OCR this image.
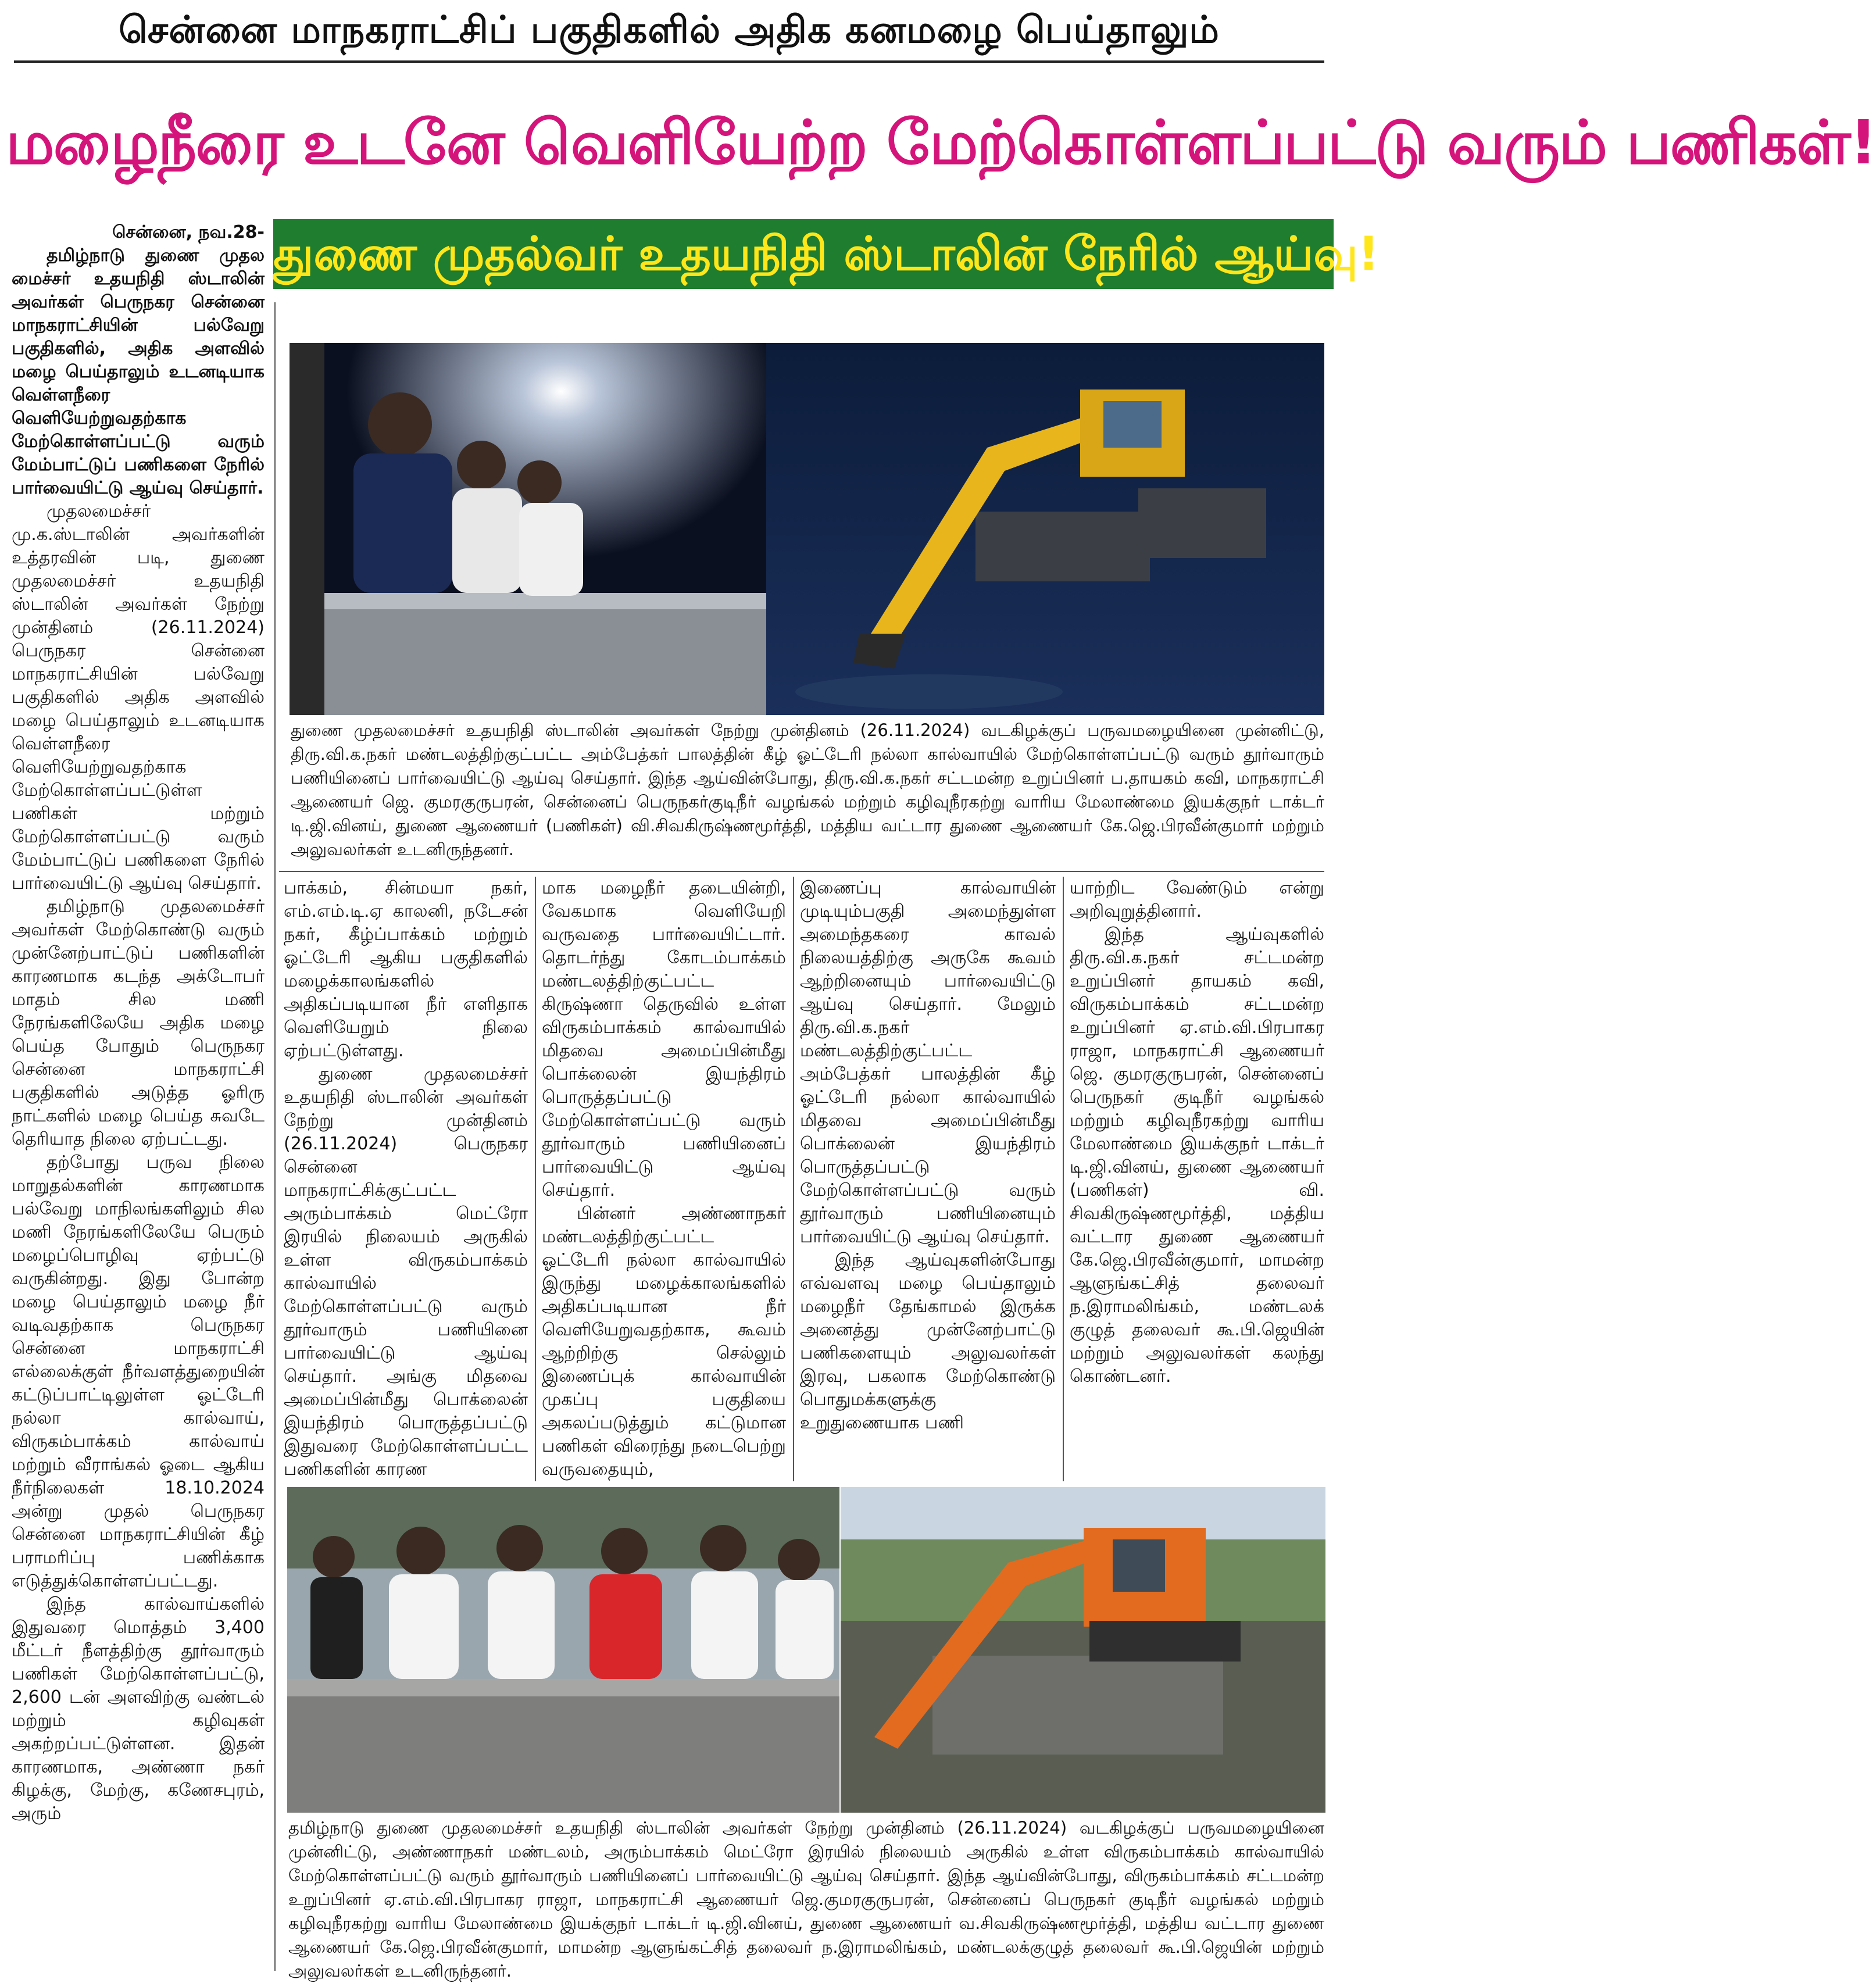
சென்னை மாநகராட்சிப் பகுதிகளில் அதிக கனமழை பெய்தாலும்
மழைநீரை உடனே வெளியேற்ற மேற்கொள்ளப்பட்டு வரும் பணிகள்!
துணை முதல்வர் உதயநிதி ஸ்டாலின் நேரில் ஆய்வு!

சென்னை, நவ.28-

தமிழ்நாடு துணை முதல மைச்சர் உதயநிதி ஸ்டாலின் அவர்கள் பெருநகர சென்னை மாநகராட்சியின் பல்வேறு பகுதிகளில், அதிக அளவில் மழை பெய்தாலும் உடனடியாக வெள்ளநீரை வெளியேற்றுவதற்காக மேற்கொள்ளப்பட்டு வரும் மேம்பாட்டுப் பணிகளை நேரில் பார்வையிட்டு ஆய்வு செய்தார்.

முதலமைச்சர் மு.க.ஸ்டாலின் அவர்களின் உத்தரவின் படி, துணை முதலமைச்சர் உதயநிதி ஸ்டாலின் அவர்கள் நேற்று முன்தினம் (26.11.2024) பெருநகர சென்னை மாநகராட்சியின் பல்வேறு பகுதிகளில் அதிக அளவில் மழை பெய்தாலும் உடனடியாக வெள்ளநீரை வெளியேற்றுவதற்காக மேற்கொள்ளப்பட்டுள்ள பணிகள் மற்றும் மேற்கொள்ளப்பட்டு வரும் மேம்பாட்டுப் பணிகளை நேரில் பார்வையிட்டு ஆய்வு செய்தார்.

தமிழ்நாடு முதலமைச்சர் அவர்கள் மேற்கொண்டு வரும் முன்னேற்பாட்டுப் பணிகளின் காரணமாக கடந்த அக்டோபர் மாதம் சில மணி நேரங்களிலேயே அதிக மழை பெய்த போதும் பெருநகர சென்னை மாநகராட்சி பகுதிகளில் அடுத்த ஓரிரு நாட்களில் மழை பெய்த சுவடே தெரியாத நிலை ஏற்பட்டது.

தற்போது பருவ நிலை மாறுதல்களின் காரணமாக பல்வேறு மாநிலங்களிலும் சில மணி நேரங்களிலேயே பெரும் மழைப்பொழிவு ஏற்பட்டு வருகின்றது. இது போன்ற மழை பெய்தாலும் மழை நீர் வடிவதற்காக பெருநகர சென்னை மாநகராட்சி எல்லைக்குள் நீர்வளத்துறையின் கட்டுப்பாட்டிலுள்ள ஓட்டேரி நல்லா கால்வாய், விருகம்பாக்கம் கால்வாய் மற்றும் வீராங்கல் ஓடை ஆகிய நீர்நிலைகள் 18.10.2024 அன்று முதல் பெருநகர சென்னை மாநகராட்சியின் கீழ் பராமரிப்பு பணிக்காக எடுத்துக்கொள்ளப்பட்டது.

இந்த கால்வாய்களில் இதுவரை மொத்தம் 3,400 மீட்டர் நீளத்திற்கு தூர்வாரும் பணிகள் மேற்கொள்ளப்பட்டு, 2,600 டன் அளவிற்கு வண்டல் மற்றும் கழிவுகள் அகற்றப்பட்டுள்ளன. இதன் காரணமாக, அண்ணா நகர் கிழக்கு, மேற்கு, கணேசபுரம், அரும்

துணை முதலமைச்சர் உதயநிதி ஸ்டாலின் அவர்கள் நேற்று முன்தினம் (26.11.2024) வடகிழக்குப் பருவமழையினை முன்னிட்டு, திரு.வி.க.நகர் மண்டலத்திற்குட்பட்ட அம்பேத்கர் பாலத்தின் கீழ் ஓட்டேரி நல்லா கால்வாயில் மேற்கொள்ளப்பட்டு வரும் தூர்வாரும் பணியினைப் பார்வையிட்டு ஆய்வு செய்தார். இந்த ஆய்வின்போது, திரு.வி.க.நகர் சட்டமன்ற உறுப்பினர் ப.தாயகம் கவி, மாநகராட்சி ஆணையர் ஜெ. குமரகுருபரன், சென்னைப் பெருநகர்குடிநீர் வழங்கல் மற்றும் கழிவுநீரகற்று வாரிய மேலாண்மை இயக்குநர் டாக்டர் டி.ஜி.வினய், துணை ஆணையர் (பணிகள்) வி.சிவகிருஷ்ணமூர்த்தி, மத்திய வட்டார துணை ஆணையர் கே.ஜெ.பிரவீன்குமார் மற்றும் அலுவலர்கள் உடனிருந்தனர்.

பாக்கம், சின்மயா நகர், எம்.எம்.டி.ஏ காலனி, நடேசன் நகர், கீழ்ப்பாக்கம் மற்றும் ஓட்டேரி ஆகிய பகுதிகளில் மழைக்காலங்களில் அதிகப்படியான நீர் எளிதாக வெளியேறும் நிலை ஏற்பட்டுள்ளது.

துணை முதலமைச்சர் உதயநிதி ஸ்டாலின் அவர்கள் நேற்று முன்தினம் (26.11.2024) பெருநகர சென்னை மாநகராட்சிக்குட்பட்ட அரும்பாக்கம் மெட்ரோ இரயில் நிலையம் அருகில் உள்ள விருகம்பாக்கம் கால்வாயில் மேற்கொள்ளப்பட்டு வரும் தூர்வாரும் பணியினை பார்வையிட்டு ஆய்வு செய்தார். அங்கு மிதவை அமைப்பின்மீது பொக்லைன் இயந்திரம் பொருத்தப்பட்டு இதுவரை மேற்கொள்ளப்பட்ட பணிகளின் காரண

மாக மழைநீர் தடையின்றி, வேகமாக வெளியேறி வருவதை பார்வையிட்டார். தொடர்ந்து கோடம்பாக்கம் மண்டலத்திற்குட்பட்ட கிருஷ்ணா தெருவில் உள்ள விருகம்பாக்கம் கால்வாயில் மிதவை அமைப்பின்மீது பொக்லைன் இயந்திரம் பொருத்தப்பட்டு மேற்கொள்ளப்பட்டு வரும் தூர்வாரும் பணியினைப் பார்வையிட்டு ஆய்வு செய்தார்.

பின்னர் அண்ணாநகர் மண்டலத்திற்குட்பட்ட ஓட்டேரி நல்லா கால்வாயில் இருந்து மழைக்காலங்களில் அதிகப்படியான நீர் வெளியேறுவதற்காக, கூவம் ஆற்றிற்கு செல்லும் இணைப்புக் கால்வாயின் முகப்பு பகுதியை அகலப்படுத்தும் கட்டுமான பணிகள் விரைந்து நடைபெற்று வருவதையும்,

இணைப்பு கால்வாயின் முடியும்பகுதி அமைந்துள்ள அமைந்தகரை காவல் நிலையத்திற்கு அருகே கூவம் ஆற்றினையும் பார்வையிட்டு ஆய்வு செய்தார். மேலும் திரு.வி.க.நகர் மண்டலத்திற்குட்பட்ட அம்பேத்கர் பாலத்தின் கீழ் ஓட்டேரி நல்லா கால்வாயில் மிதவை அமைப்பின்மீது பொக்லைன் இயந்திரம் பொருத்தப்பட்டு மேற்கொள்ளப்பட்டு வரும் தூர்வாரும் பணியினையும் பார்வையிட்டு ஆய்வு செய்தார்.

இந்த ஆய்வுகளின்போது எவ்வளவு மழை பெய்தாலும் மழைநீர் தேங்காமல் இருக்க அனைத்து முன்னேற்பாட்டு பணிகளையும் அலுவலர்கள் இரவு, பகலாக மேற்கொண்டு பொதுமக்களுக்கு உறுதுணையாக பணி

யாற்றிட வேண்டும் என்று அறிவுறுத்தினார்.

இந்த ஆய்வுகளில் திரு.வி.க.நகர் சட்டமன்ற உறுப்பினர் தாயகம் கவி, விருகம்பாக்கம் சட்டமன்ற உறுப்பினர் ஏ.எம்.வி.பிரபாகர ராஜா, மாநகராட்சி ஆணையர் ஜெ. குமரகுருபரன், சென்னைப் பெருநகர் குடிநீர் வழங்கல் மற்றும் கழிவுநீரகற்று வாரிய மேலாண்மை இயக்குநர் டாக்டர் டி.ஜி.வினய், துணை ஆணையர் (பணிகள்) வி. சிவகிருஷ்ணமூர்த்தி, மத்திய வட்டார துணை ஆணையர் கே.ஜெ.பிரவீன்குமார், மாமன்ற ஆளுங்கட்சித் தலைவர் ந.இராமலிங்கம், மண்டலக் குழுத் தலைவர் கூ.பி.ஜெயின் மற்றும் அலுவலர்கள் கலந்து கொண்டனர்.

தமிழ்நாடு துணை முதலமைச்சர் உதயநிதி ஸ்டாலின் அவர்கள் நேற்று முன்தினம் (26.11.2024) வடகிழக்குப் பருவமழையினை முன்னிட்டு, அண்ணாநகர் மண்டலம், அரும்பாக்கம் மெட்ரோ இரயில் நிலையம் அருகில் உள்ள விருகம்பாக்கம் கால்வாயில் மேற்கொள்ளப்பட்டு வரும் தூர்வாரும் பணியினைப் பார்வையிட்டு ஆய்வு செய்தார். இந்த ஆய்வின்போது, விருகம்பாக்கம் சட்டமன்ற உறுப்பினர் ஏ.எம்.வி.பிரபாகர ராஜா, மாநகராட்சி ஆணையர் ஜெ.குமரகுருபரன், சென்னைப் பெருநகர் குடிநீர் வழங்கல் மற்றும் கழிவுநீரகற்று வாரிய மேலாண்மை இயக்குநர் டாக்டர் டி.ஜி.வினய், துணை ஆணையர் வ.சிவகிருஷ்ணமூர்த்தி, மத்திய வட்டார துணை ஆணையர் கே.ஜெ.பிரவீன்குமார், மாமன்ற ஆளுங்கட்சித் தலைவர் ந.இராமலிங்கம், மண்டலக்குழுத் தலைவர் கூ.பி.ஜெயின் மற்றும் அலுவலர்கள் உடனிருந்தனர்.
